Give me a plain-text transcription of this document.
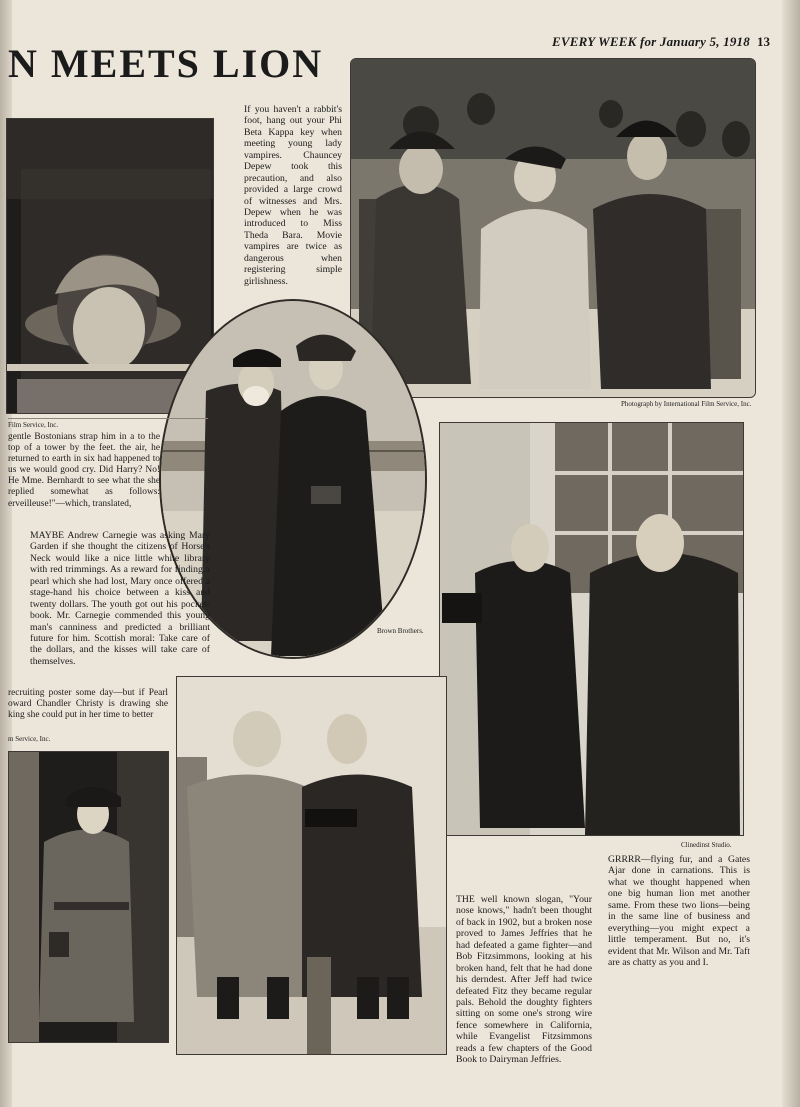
EVERY WEEK for January 5, 1918 13
N MEETS LION
Photograph by International Film Service, Inc.
If you haven't a rabbit's foot, hang out your Phi Beta Kappa key when meeting young lady vampires. Chauncey Depew took this precaution, and also provided a large crowd of witnesses and Mrs. Depew when he was introduced to Miss Theda Bara. Movie vampires are twice as dangerous when registering simple girlishness.
Brown Brothers.
Film Service, Inc.
gentle Bostonians strap him in a to the top of a tower by the feet. the air, he returned to earth in six had happened to us we would good cry. Did Harry? No! He Mme. Bernhardt to see what the she replied somewhat as follows: erveilleuse!"—which, translated,
MAYBE Andrew Carnegie was asking Mary Garden if she thought the citizens of Horse's Neck would like a nice little white library with red trimmings. As a reward for finding a pearl which she had lost, Mary once offered a stage-hand his choice between a kiss and twenty dollars. The youth got out his pocket-book. Mr. Carnegie commended this young man's canniness and predicted a brilliant future for him. Scottish moral: Take care of the dollars, and the kisses will take care of themselves.
Clinedinst Studio.
GRRRR—flying fur, and a Gates Ajar done in carnations. This is what we thought happened when one big human lion met another same. From these two lions—being in the same line of business and everything—you might expect a little temperament. But no, it's evident that Mr. Wilson and Mr. Taft are as chatty as you and I.
recruiting poster some day—but if Pearl oward Chandler Christy is drawing she king she could put in her time to better
m Service, Inc.
THE well known slogan, "Your nose knows," hadn't been thought of back in 1902, but a broken nose proved to James Jeffries that he had defeated a game fighter—and Bob Fitzsimmons, looking at his broken hand, felt that he had done his derndest. After Jeff had twice defeated Fitz they became regular pals. Behold the doughty fighters sitting on some one's strong wire fence somewhere in California, while Evangelist Fitzsimmons reads a few chapters of the Good Book to Dairyman Jeffries.
